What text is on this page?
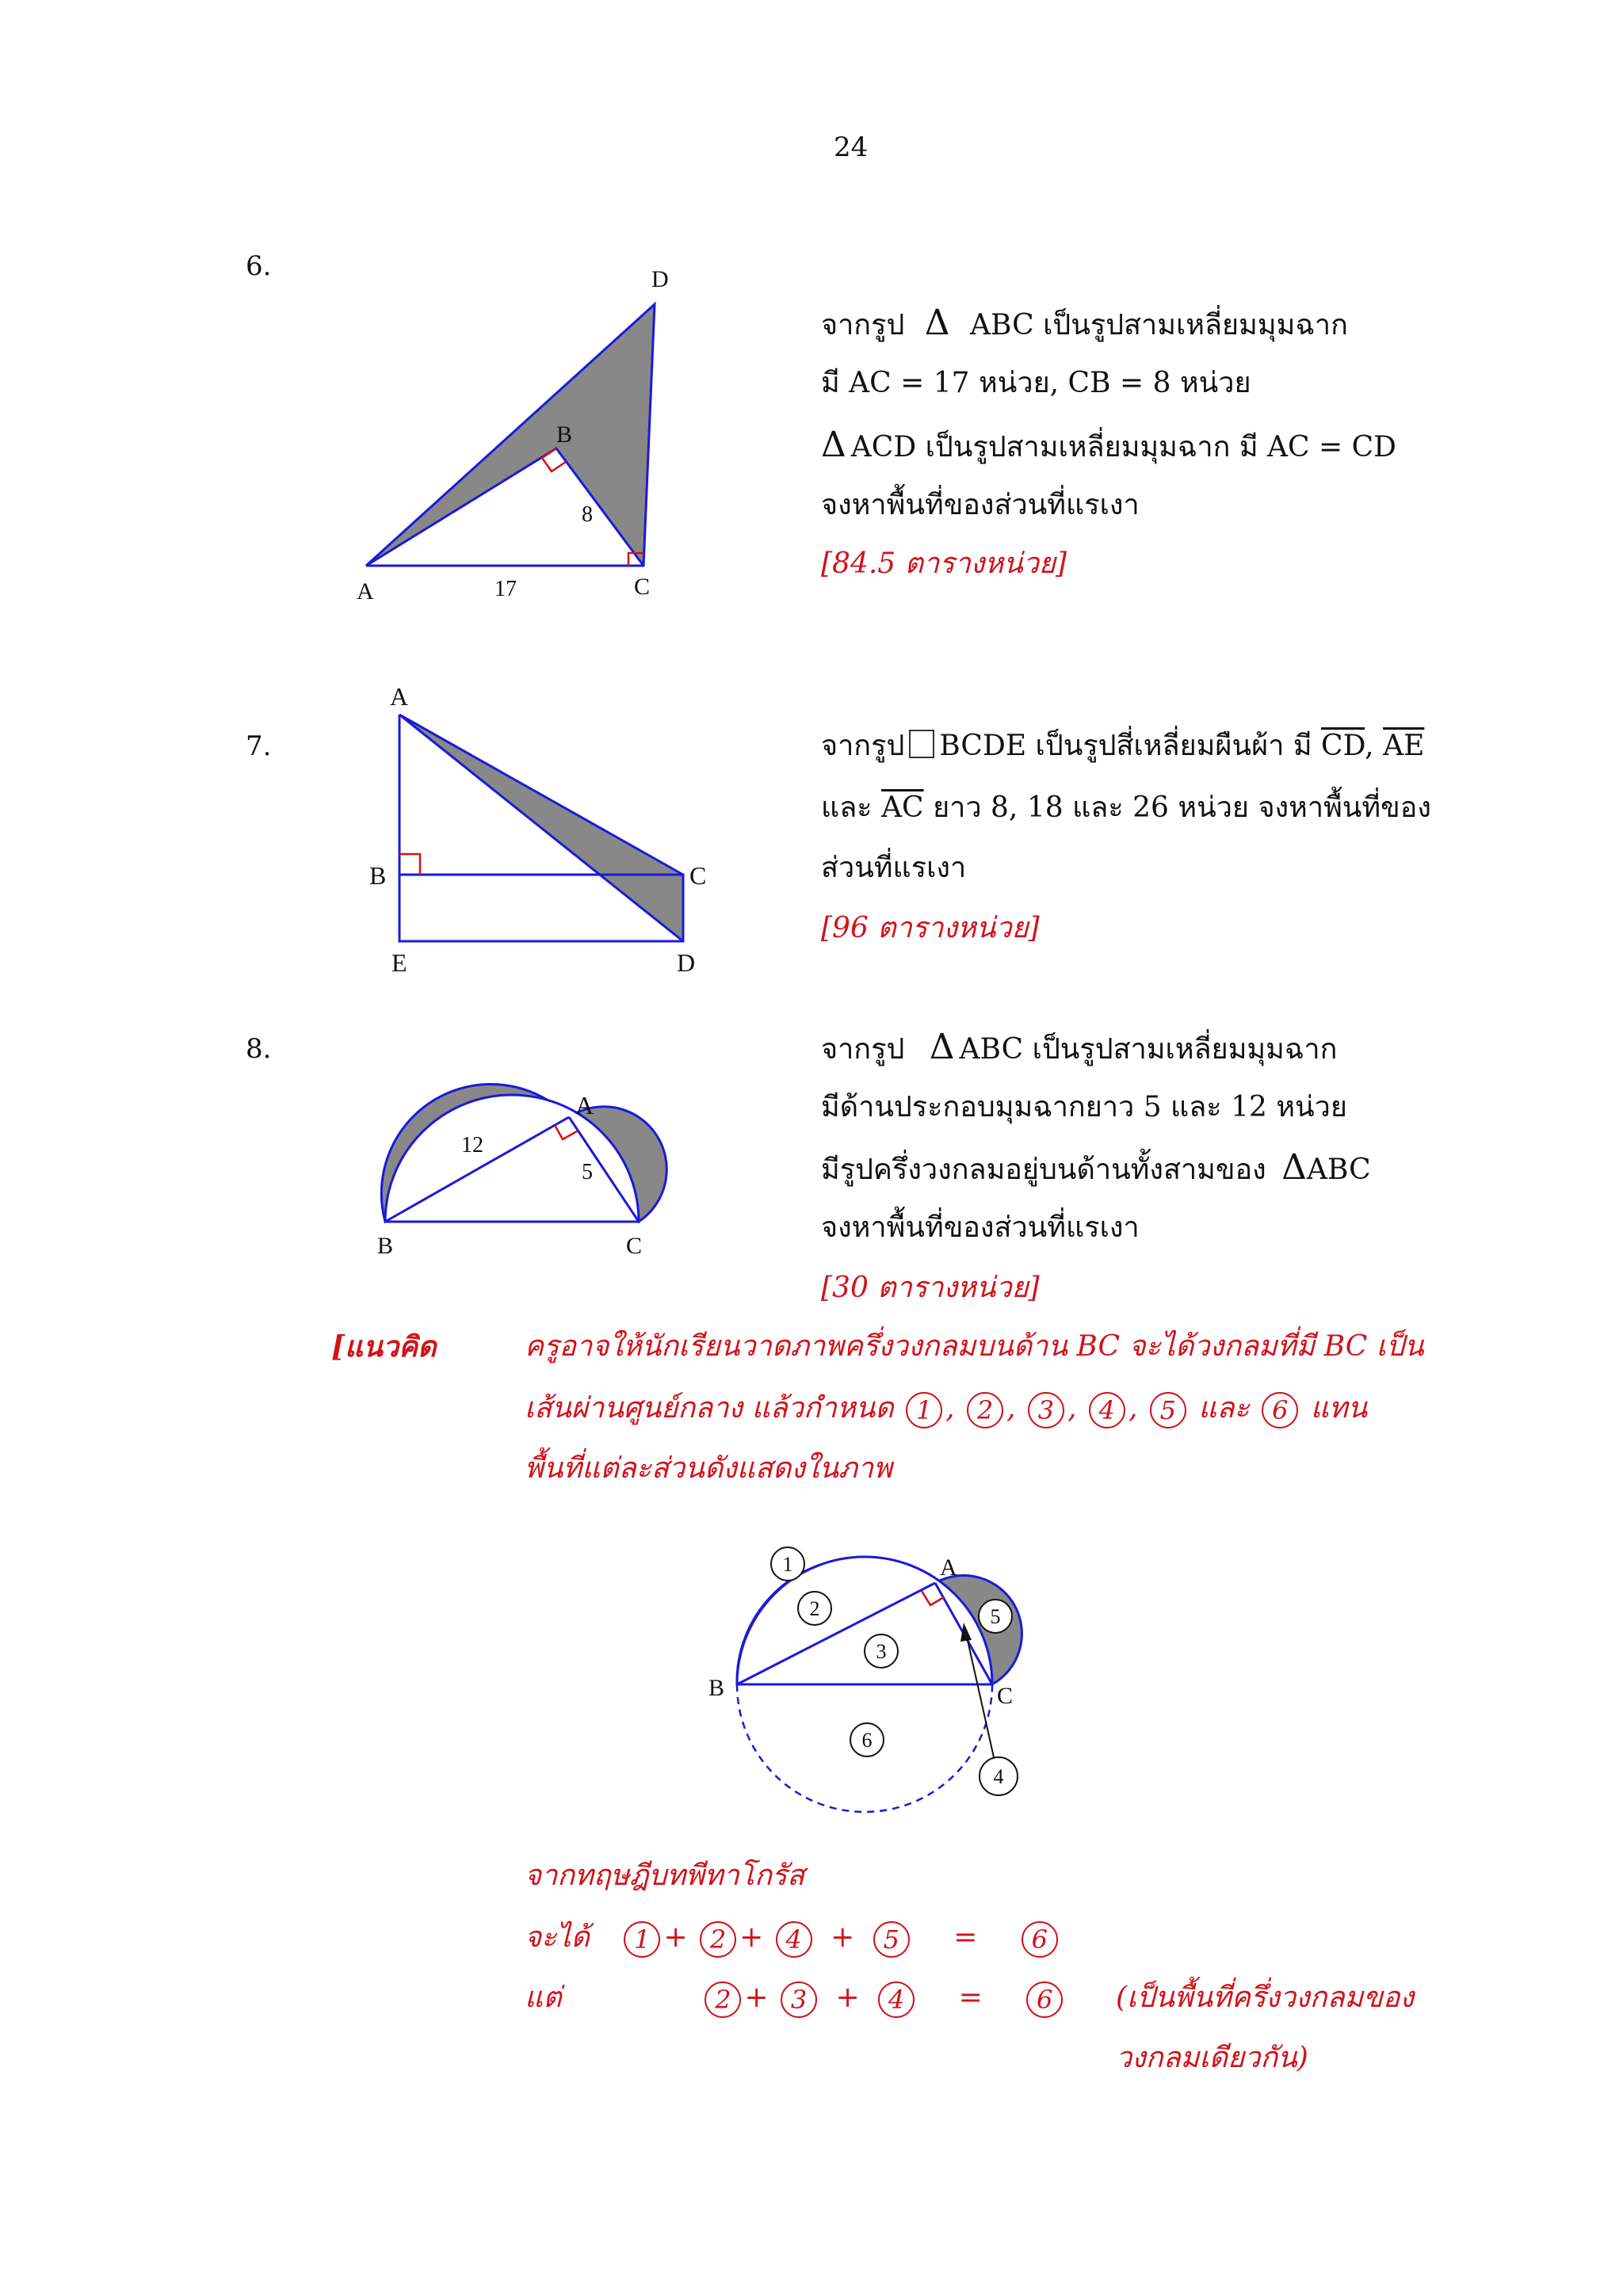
24
6.	D
B
8
A	17	C
จากรูป Δ ABC เป็นรูปสามเหลี่ยมมุมฉาก
มี AC = 17 หน่วย, CB = 8 หน่วย
Δ ACD เป็นรูปสามเหลี่ยมมุมฉาก มี AC = CD
จงหาพื้นที่ของส่วนที่แรเงา
[84.5 ตารางหน่วย]
7.
A
B	C
E	D
จากรูป BCDE เป็นรูปสี่เหลี่ยมผืนผ้า มี $\overline{CD}$, $\overline{AE}$
และ $\overline{AC}$ ยาว 8, 18 และ 26 หน่วย จงหาพื้นที่ของ
ส่วนที่แรเงา
[96 ตารางหน่วย]
8.
A
12
5
B	C
จากรูป Δ ABC เป็นรูปสามเหลี่ยมมุมฉาก
มีด้านประกอบมุมฉากยาว 5 และ 12 หน่วย
มีรูปครึ่งวงกลมอยู่บนด้านทั้งสามของ ΔABC
จงหาพื้นที่ของส่วนที่แรเงา
[30 ตารางหน่วย]
[แนวคิด	ครูอาจให้นักเรียนวาดภาพครึ่งวงกลมบนด้าน BC จะได้วงกลมที่มี BC เป็น
เส้นผ่านศูนย์กลาง แล้วกำหนด 1 , 2 , 3 , 4 , 5 และ 6 แทน
พื้นที่แต่ละส่วนดังแสดงในภาพ
1
2
3
4
5
6
A
B	C
จากทฤษฎีบทพีทาโกรัส
จะได้ 1 + 2 + 4 + 5 = 6
แต่	2 + 3 + 4 = 6	(เป็นพื้นที่ครึ่งวงกลมของ
วงกลมเดียวกัน)
